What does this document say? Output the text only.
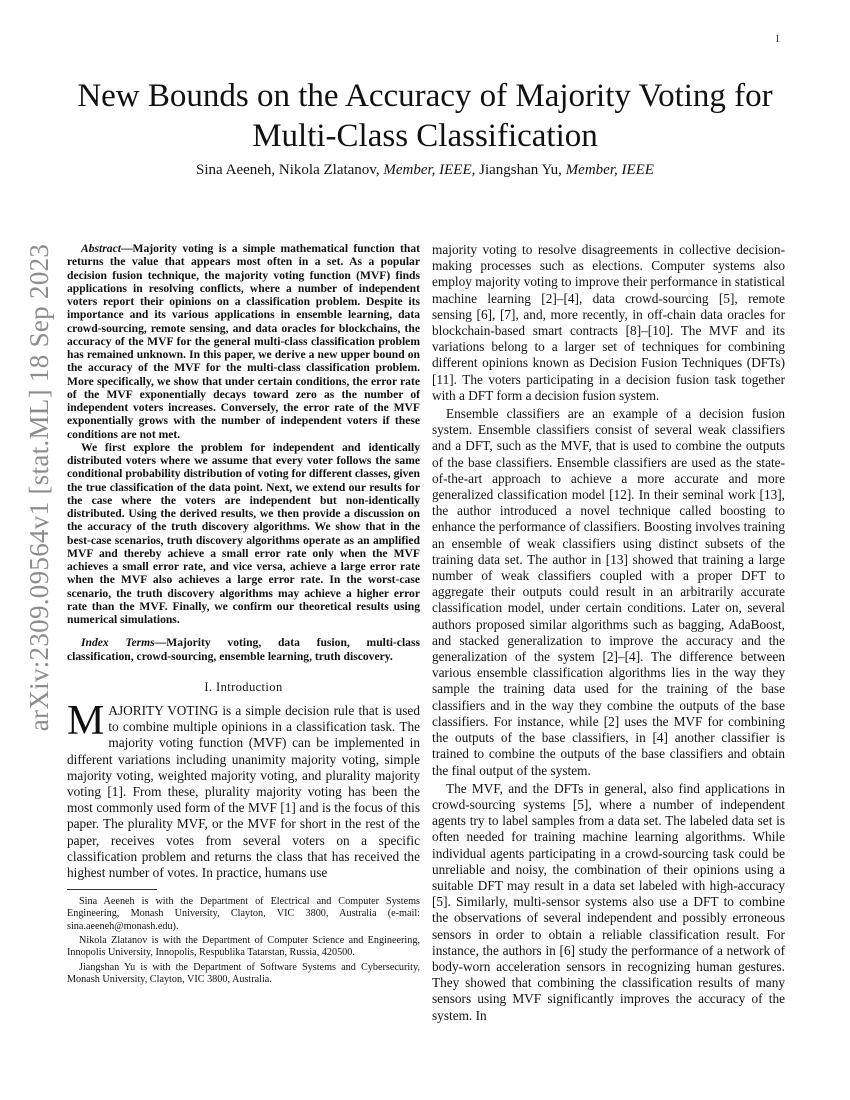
1
arXiv:2309.09564v1 [stat.ML] 18 Sep 2023
New Bounds on the Accuracy of Majority Voting for Multi-Class Classification
Sina Aeeneh, Nikola Zlatanov, Member, IEEE, Jiangshan Yu, Member, IEEE

Abstract—Majority voting is a simple mathematical function that returns the value that appears most often in a set. As a popular decision fusion technique, the majority voting function (MVF) finds applications in resolving conflicts, where a number of independent voters report their opinions on a classification problem. Despite its importance and its various applications in ensemble learning, data crowd-sourcing, remote sensing, and data oracles for blockchains, the accuracy of the MVF for the general multi-class classification problem has remained unknown. In this paper, we derive a new upper bound on the accuracy of the MVF for the multi-class classification problem. More specifically, we show that under certain conditions, the error rate of the MVF exponentially decays toward zero as the number of independent voters increases. Conversely, the error rate of the MVF exponentially grows with the number of independent voters if these conditions are not met.

We first explore the problem for independent and identically distributed voters where we assume that every voter follows the same conditional probability distribution of voting for different classes, given the true classification of the data point. Next, we extend our results for the case where the voters are independent but non-identically distributed. Using the derived results, we then provide a discussion on the accuracy of the truth discovery algorithms. We show that in the best-case scenarios, truth discovery algorithms operate as an amplified MVF and thereby achieve a small error rate only when the MVF achieves a small error rate, and vice versa, achieve a large error rate when the MVF also achieves a large error rate. In the worst-case scenario, the truth discovery algorithms may achieve a higher error rate than the MVF. Finally, we confirm our theoretical results using numerical simulations.

Index Terms—Majority voting, data fusion, multi-class classification, crowd-sourcing, ensemble learning, truth discovery.

I. Introduction

MAJORITY VOTING is a simple decision rule that is used to combine multiple opinions in a classification task. The majority voting function (MVF) can be implemented in different variations including unanimity majority voting, simple majority voting, weighted majority voting, and plurality majority voting [1]. From these, plurality majority voting has been the most commonly used form of the MVF [1] and is the focus of this paper. The plurality MVF, or the MVF for short in the rest of the paper, receives votes from several voters on a specific classification problem and returns the class that has received the highest number of votes. In practice, humans use

Sina Aeeneh is with the Department of Electrical and Computer Systems Engineering, Monash University, Clayton, VIC 3800, Australia (e-mail: sina.aeeneh@monash.edu).

Nikola Zlatanov is with the Department of Computer Science and Engineering, Innopolis University, Innopolis, Respublika Tatarstan, Russia, 420500.

Jiangshan Yu is with the Department of Software Systems and Cybersecurity, Monash University, Clayton, VIC 3800, Australia.

majority voting to resolve disagreements in collective decision-making processes such as elections. Computer systems also employ majority voting to improve their performance in statistical machine learning [2]–[4], data crowd-sourcing [5], remote sensing [6], [7], and, more recently, in off-chain data oracles for blockchain-based smart contracts [8]–[10]. The MVF and its variations belong to a larger set of techniques for combining different opinions known as Decision Fusion Techniques (DFTs) [11]. The voters participating in a decision fusion task together with a DFT form a decision fusion system.

Ensemble classifiers are an example of a decision fusion system. Ensemble classifiers consist of several weak classifiers and a DFT, such as the MVF, that is used to combine the outputs of the base classifiers. Ensemble classifiers are used as the state-of-the-art approach to achieve a more accurate and more generalized classification model [12]. In their seminal work [13], the author introduced a novel technique called boosting to enhance the performance of classifiers. Boosting involves training an ensemble of weak classifiers using distinct subsets of the training data set. The author in [13] showed that training a large number of weak classifiers coupled with a proper DFT to aggregate their outputs could result in an arbitrarily accurate classification model, under certain conditions. Later on, several authors proposed similar algorithms such as bagging, AdaBoost, and stacked generalization to improve the accuracy and the generalization of the system [2]–[4]. The difference between various ensemble classification algorithms lies in the way they sample the training data used for the training of the base classifiers and in the way they combine the outputs of the base classifiers. For instance, while [2] uses the MVF for combining the outputs of the base classifiers, in [4] another classifier is trained to combine the outputs of the base classifiers and obtain the final output of the system.

The MVF, and the DFTs in general, also find applications in crowd-sourcing systems [5], where a number of independent agents try to label samples from a data set. The labeled data set is often needed for training machine learning algorithms. While individual agents participating in a crowd-sourcing task could be unreliable and noisy, the combination of their opinions using a suitable DFT may result in a data set labeled with high-accuracy [5]. Similarly, multi-sensor systems also use a DFT to combine the observations of several independent and possibly erroneous sensors in order to obtain a reliable classification result. For instance, the authors in [6] study the performance of a network of body-worn acceleration sensors in recognizing human gestures. They showed that combining the classification results of many sensors using MVF significantly improves the accuracy of the system. In
